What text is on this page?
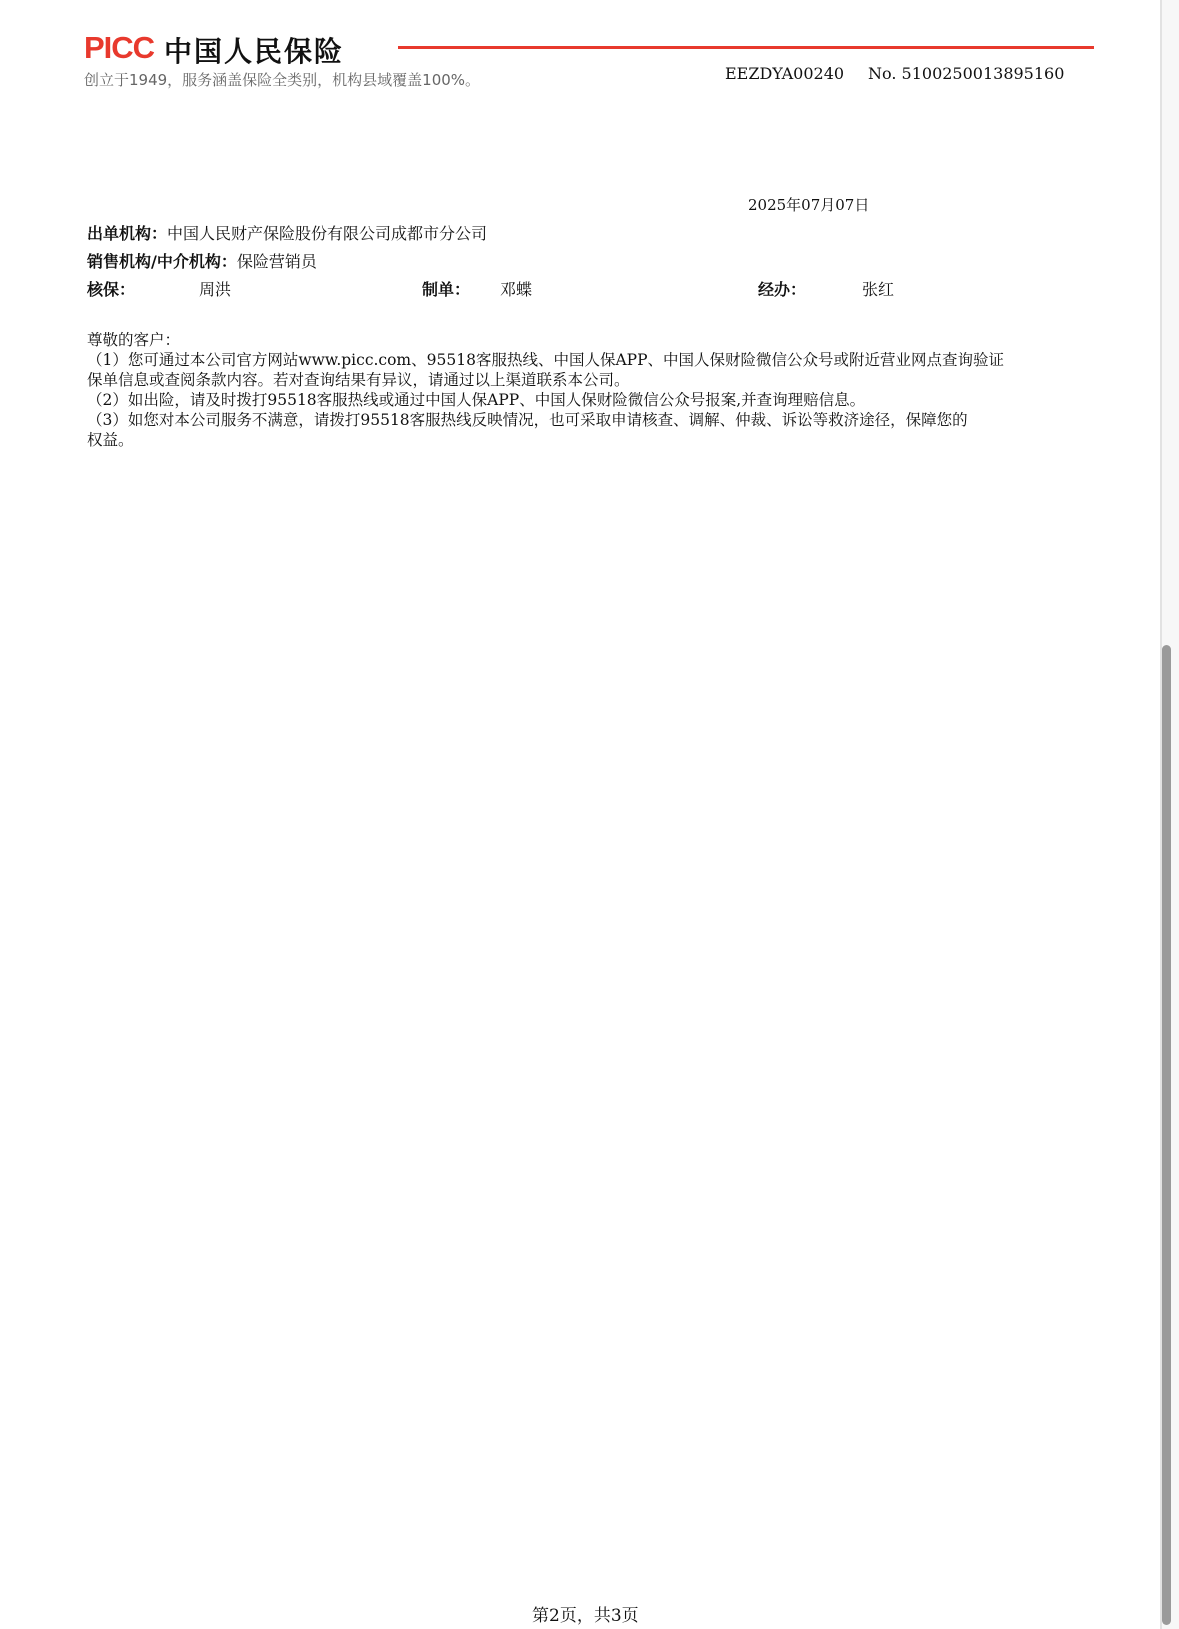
PICC 中国人民保险
创立于1949，服务涵盖保险全类别，机构县域覆盖100%。	EEZDYA00240 No. 5100250013895160
2025年07月07日
出单机构：中国人民财产保险股份有限公司成都市分公司
销售机构/中介机构：保险营销员
核保：	周洪	制单： 邓蝶	经办：	张红

尊敬的客户：

（1）您可通过本公司官方网站www.picc.com、95518客服热线、中国人保APP、中国人保财险微信公众号或附近营业网点查询验证

保单信息或查阅条款内容。若对查询结果有异议，请通过以上渠道联系本公司。

（2）如出险，请及时拨打95518客服热线或通过中国人保APP、中国人保财险微信公众号报案,并查询理赔信息。

（3）如您对本公司服务不满意，请拨打95518客服热线反映情况，也可采取申请核查、调解、仲裁、诉讼等救济途径，保障您的

权益。

第2页，共3页
